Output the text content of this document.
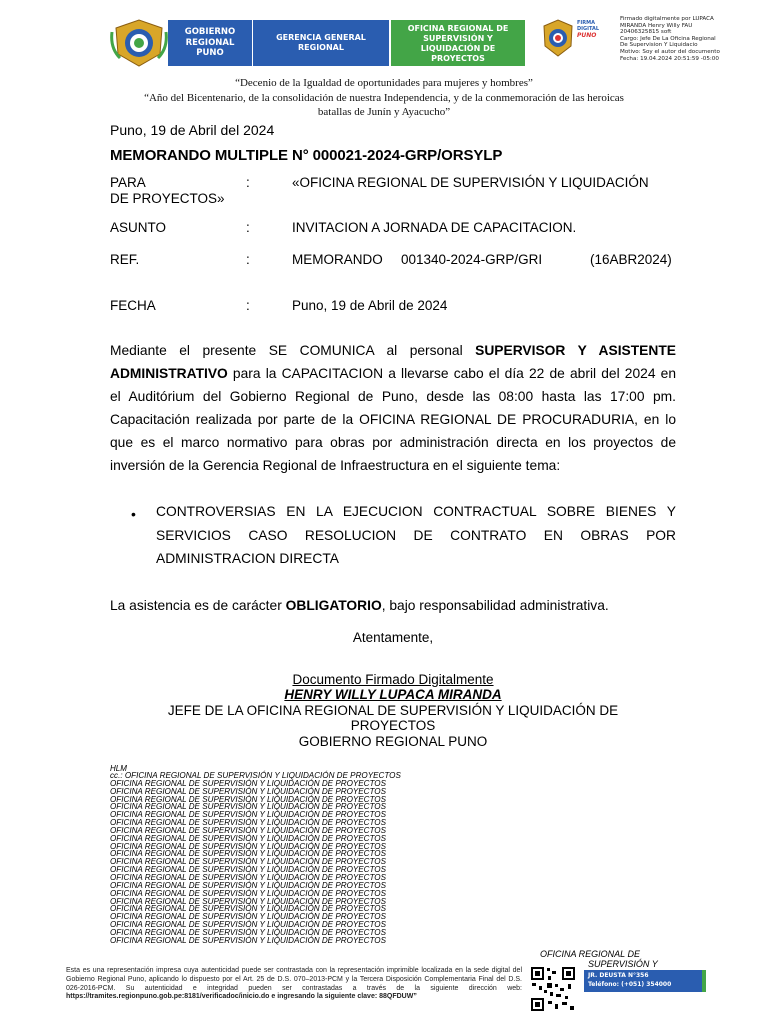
GOBIERNO REGIONAL PUNO
GERENCIA GENERAL REGIONAL
OFICINA REGIONAL DE SUPERVISIÓN Y LIQUIDACIÓN DE PROYECTOS
FIRMA DIGITAL
PUNO
Firmado digitalmente por LUPACA
MIRANDA Henry Willy FAU
20406325815 soft
Cargo: Jefe De La Oficina Regional
De Supervision Y Liquidacio
Motivo: Soy el autor del documento
Fecha: 19.04.2024 20:51:59 -05:00
“Decenio de la Igualdad de oportunidades para mujeres y hombres”
“Año del Bicentenario, de la consolidación de nuestra Independencia, y de la conmemoración de las heroicas
batallas de Junín y Ayacucho”
Puno, 19 de Abril del 2024
MEMORANDO MULTIPLE N° 000021-2024-GRP/ORSYLP
PARA	:	«OFICINA REGIONAL DE SUPERVISIÓN Y LIQUIDACIÓN
DE PROYECTOS»
ASUNTO	:	INVITACION A JORNADA DE CAPACITACION.
REF.	:	MEMORANDO 001340-2024-GRP/GRI	(16ABR2024)
FECHA	:	Puno, 19 de Abril de 2024
Mediante el presente SE COMUNICA al personal SUPERVISOR Y ASISTENTE
ADMINISTRATIVO para la CAPACITACION a llevarse cabo el día 22 de abril del 2024 en
el Auditórium del Gobierno Regional de Puno, desde las 08:00 hasta las 17:00 pm.
Capacitación realizada por parte de la OFICINA REGIONAL DE PROCURADURIA, en lo
que es el marco normativo para obras por administración directa en los proyectos de
inversión de la Gerencia Regional de Infraestructura en el siguiente tema:
• CONTROVERSIAS EN LA EJECUCION CONTRACTUAL SOBRE BIENES Y
SERVICIOS CASO RESOLUCION DE CONTRATO EN OBRAS POR
ADMINISTRACION DIRECTA
La asistencia es de carácter OBLIGATORIO, bajo responsabilidad administrativa.
Atentamente,
Documento Firmado Digitalmente
HENRY WILLY LUPACA MIRANDA
JEFE DE LA OFICINA REGIONAL DE SUPERVISIÓN Y LIQUIDACIÓN DE
PROYECTOS
GOBIERNO REGIONAL PUNO
HLM
cc.: OFICINA REGIONAL DE SUPERVISIÓN Y LIQUIDACIÓN DE PROYECTOS
OFICINA REGIONAL DE SUPERVISIÓN Y LIQUIDACIÓN DE PROYECTOS
OFICINA REGIONAL DE SUPERVISIÓN Y LIQUIDACIÓN DE PROYECTOS
OFICINA REGIONAL DE SUPERVISIÓN Y LIQUIDACIÓN DE PROYECTOS
OFICINA REGIONAL DE SUPERVISIÓN Y LIQUIDACIÓN DE PROYECTOS
OFICINA REGIONAL DE SUPERVISIÓN Y LIQUIDACIÓN DE PROYECTOS
OFICINA REGIONAL DE SUPERVISIÓN Y LIQUIDACIÓN DE PROYECTOS
OFICINA REGIONAL DE SUPERVISIÓN Y LIQUIDACIÓN DE PROYECTOS
OFICINA REGIONAL DE SUPERVISIÓN Y LIQUIDACIÓN DE PROYECTOS
OFICINA REGIONAL DE SUPERVISIÓN Y LIQUIDACIÓN DE PROYECTOS
OFICINA REGIONAL DE SUPERVISIÓN Y LIQUIDACIÓN DE PROYECTOS
OFICINA REGIONAL DE SUPERVISIÓN Y LIQUIDACIÓN DE PROYECTOS
OFICINA REGIONAL DE SUPERVISIÓN Y LIQUIDACIÓN DE PROYECTOS
OFICINA REGIONAL DE SUPERVISIÓN Y LIQUIDACIÓN DE PROYECTOS
OFICINA REGIONAL DE SUPERVISIÓN Y LIQUIDACIÓN DE PROYECTOS
OFICINA REGIONAL DE SUPERVISIÓN Y LIQUIDACIÓN DE PROYECTOS
OFICINA REGIONAL DE SUPERVISIÓN Y LIQUIDACIÓN DE PROYECTOS
OFICINA REGIONAL DE SUPERVISIÓN Y LIQUIDACIÓN DE PROYECTOS
OFICINA REGIONAL DE SUPERVISIÓN Y LIQUIDACIÓN DE PROYECTOS
OFICINA REGIONAL DE SUPERVISIÓN Y LIQUIDACIÓN DE PROYECTOS
OFICINA REGIONAL DE SUPERVISIÓN Y LIQUIDACIÓN DE PROYECTOS
OFICINA REGIONAL DE SUPERVISIÓN Y LIQUIDACIÓN DE PROYECTOS
OFICINA REGIONAL DE
SUPERVISIÓN Y
Esta es una representación impresa cuya autenticidad puede ser contrastada con la representación imprimible localizada en la sede digital del Gobierno Regional Puno, aplicando lo dispuesto por el Art. 25 de D.S. 070–2013-PCM y la Tercera Disposición Complementaria Final del D.S. 026-2016-PCM. Su autenticidad e integridad pueden ser contrastadas a través de la siguiente dirección web: https://tramites.regionpuno.gob.pe:8181/verificadoc/inicio.do e ingresando la siguiente clave: 88QFDUW”
JR. DEUSTA N°356
Teléfono: (+051) 354000
